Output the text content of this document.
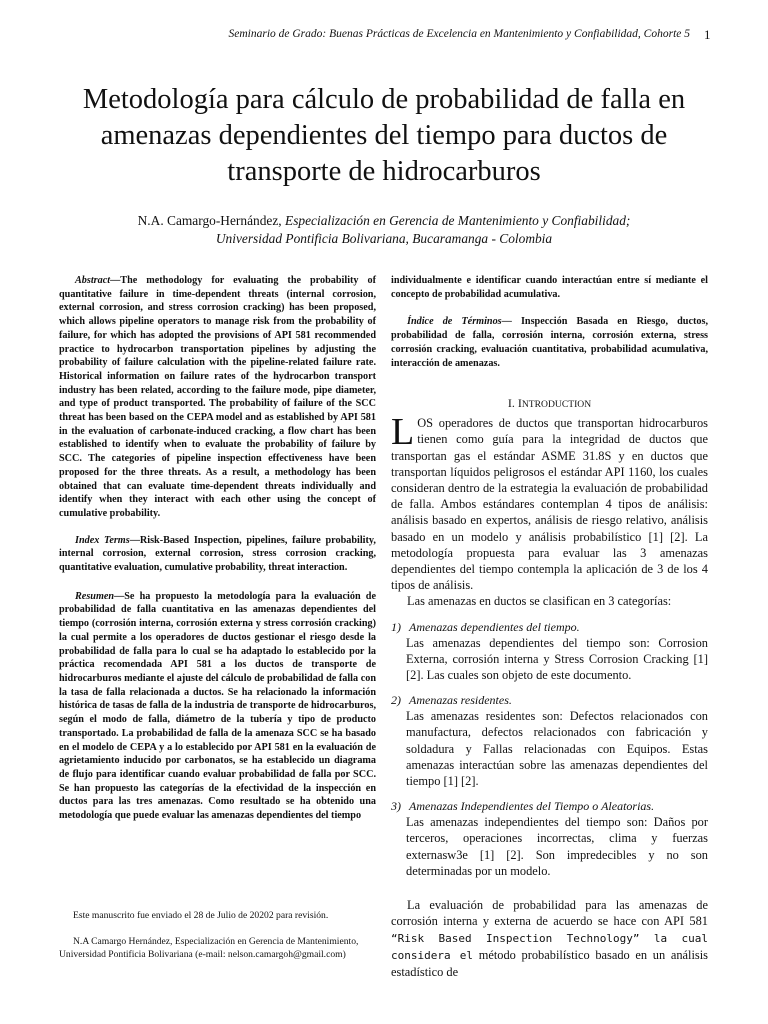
Seminario de Grado: Buenas Prácticas de Excelencia en Mantenimiento y Confiabilidad, Cohorte 5 1
Metodología para cálculo de probabilidad de falla en amenazas dependientes del tiempo para ductos de transporte de hidrocarburos
N.A. Camargo-Hernández, Especialización en Gerencia de Mantenimiento y Confiabilidad;
Universidad Pontificia Bolivariana, Bucaramanga - Colombia

Abstract—The methodology for evaluating the probability of quantitative failure in time-dependent threats (internal corrosion, external corrosion, and stress corrosion cracking) has been proposed, which allows pipeline operators to manage risk from the probability of failure, for which has adopted the provisions of API 581 recommended practice to hydrocarbon transportation pipelines by adjusting the probability of failure calculation with the pipeline-related failure rate. Historical information on failure rates of the hydrocarbon transport industry has been related, according to the failure mode, pipe diameter, and type of product transported. The probability of failure of the SCC threat has been based on the CEPA model and as established by API 581 in the evaluation of carbonate-induced cracking, a flow chart has been established to identify when to evaluate the probability of failure by SCC. The categories of pipeline inspection effectiveness have been proposed for the three threats. As a result, a methodology has been obtained that can evaluate time-dependent threats individually and identify when they interact with each other using the concept of cumulative probability.

Index Terms—Risk-Based Inspection, pipelines, failure probability, internal corrosion, external corrosion, stress corrosion cracking, quantitative evaluation, cumulative probability, threat interaction.

Resumen—Se ha propuesto la metodología para la evaluación de probabilidad de falla cuantitativa en las amenazas dependientes del tiempo (corrosión interna, corrosión externa y stress corrosión cracking) la cual permite a los operadores de ductos gestionar el riesgo desde la probabilidad de falla para lo cual se ha adaptado lo establecido por la práctica recomendada API 581 a los ductos de transporte de hidrocarburos mediante el ajuste del cálculo de probabilidad de falla con la tasa de falla relacionada a ductos. Se ha relacionado la información histórica de tasas de falla de la industria de transporte de hidrocarburos, según el modo de falla, diámetro de la tubería y tipo de producto transportado. La probabilidad de falla de la amenaza SCC se ha basado en el modelo de CEPA y a lo establecido por API 581 en la evaluación de agrietamiento inducido por carbonatos, se ha establecido un diagrama de flujo para identificar cuando evaluar probabilidad de falla por SCC. Se han propuesto las categorías de la efectividad de la inspección en ductos para las tres amenazas. Como resultado se ha obtenido una metodología que puede evaluar las amenazas dependientes del tiempo

Este manuscrito fue enviado el 28 de Julio de 20202 para revisión.
N.A Camargo Hernández, Especialización en Gerencia de Mantenimiento, Universidad Pontificia Bolivariana (e-mail: nelson.camargoh@gmail.com)

individualmente e identificar cuando interactúan entre sí mediante el concepto de probabilidad acumulativa.

Índice de Términos— Inspección Basada en Riesgo, ductos, probabilidad de falla, corrosión interna, corrosión externa, stress corrosión cracking, evaluación cuantitativa, probabilidad acumulativa, interacción de amenazas.

I. INTRODUCTION

LOS operadores de ductos que transportan hidrocarburos tienen como guía para la integridad de ductos que transportan gas el estándar ASME 31.8S y en ductos que transportan líquidos peligrosos el estándar API 1160, los cuales consideran dentro de la estrategia la evaluación de probabilidad de falla. Ambos estándares contemplan 4 tipos de análisis: análisis basado en expertos, análisis de riesgo relativo, análisis basado en un modelo y análisis probabilístico [1] [2]. La metodología propuesta para evaluar las 3 amenazas dependientes del tiempo contempla la aplicación de 3 de los 4 tipos de análisis.

Las amenazas en ductos se clasifican en 3 categorías:

1) Amenazas dependientes del tiempo.

Las amenazas dependientes del tiempo son: Corrosion Externa, corrosión interna y Stress Corrosion Cracking [1] [2]. Las cuales son objeto de este documento.

2) Amenazas residentes.

Las amenazas residentes son: Defectos relacionados con manufactura, defectos relacionados con fabricación y soldadura y Fallas relacionadas con Equipos. Estas amenazas interactúan sobre las amenazas dependientes del tiempo [1] [2].

3) Amenazas Independientes del Tiempo o Aleatorias.

Las amenazas independientes del tiempo son: Daños por terceros, operaciones incorrectas, clima y fuerzas externasw3e [1] [2]. Son impredecibles y no son determinadas por un modelo.

La evaluación de probabilidad para las amenazas de corrosión interna y externa de acuerdo se hace con API 581 “Risk Based Inspection Technology” la cual considera el método probabilístico basado en un análisis estadístico de
